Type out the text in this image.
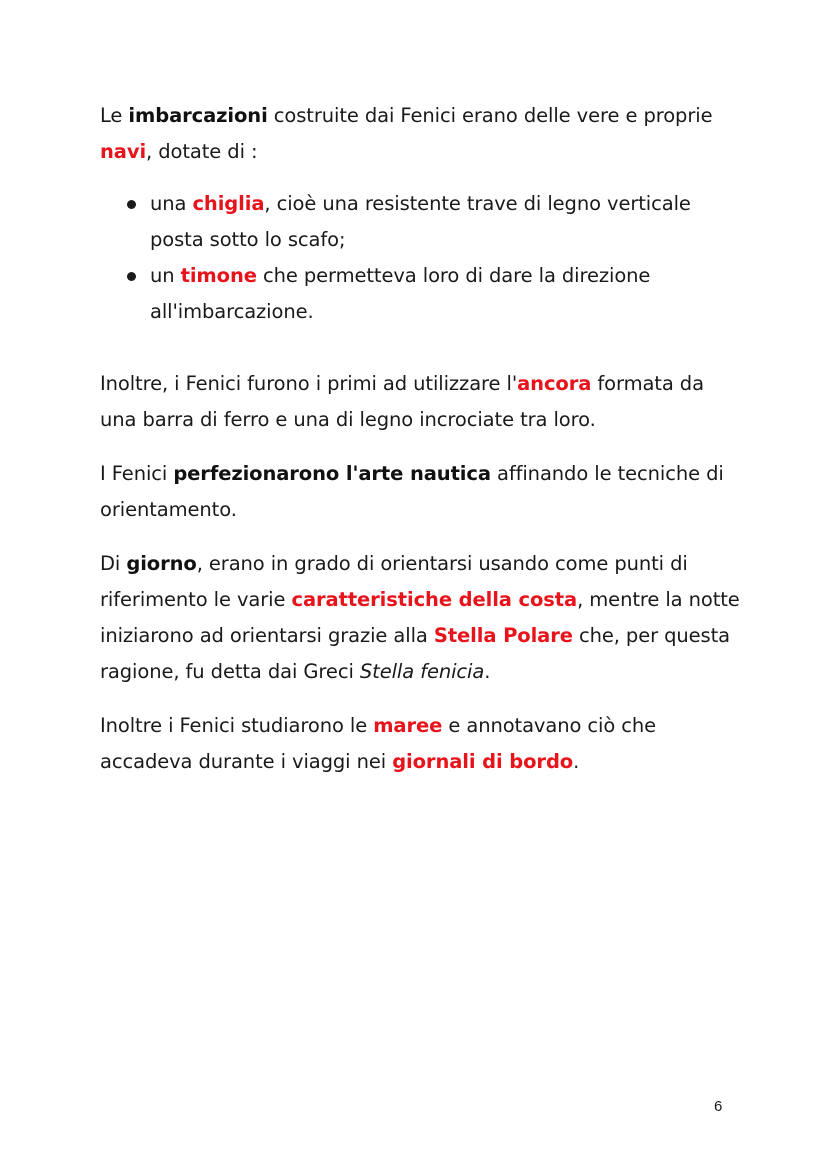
Le imbarcazioni costruite dai Fenici erano delle vere e proprie navi, dotate di :

una chiglia, cioè una resistente trave di legno verticale posta sotto lo scafo;
un timone che permetteva loro di dare la direzione all'imbarcazione.

Inoltre, i Fenici furono i primi ad utilizzare l'ancora formata da una barra di ferro e una di legno incrociate tra loro.

I Fenici perfezionarono l'arte nautica affinando le tecniche di orientamento.

Di giorno, erano in grado di orientarsi usando come punti di riferimento le varie caratteristiche della costa, mentre la notte iniziarono ad orientarsi grazie alla Stella Polare che, per questa ragione, fu detta dai Greci Stella fenicia.

Inoltre i Fenici studiarono le maree e annotavano ciò che accadeva durante i viaggi nei giornali di bordo.

6
